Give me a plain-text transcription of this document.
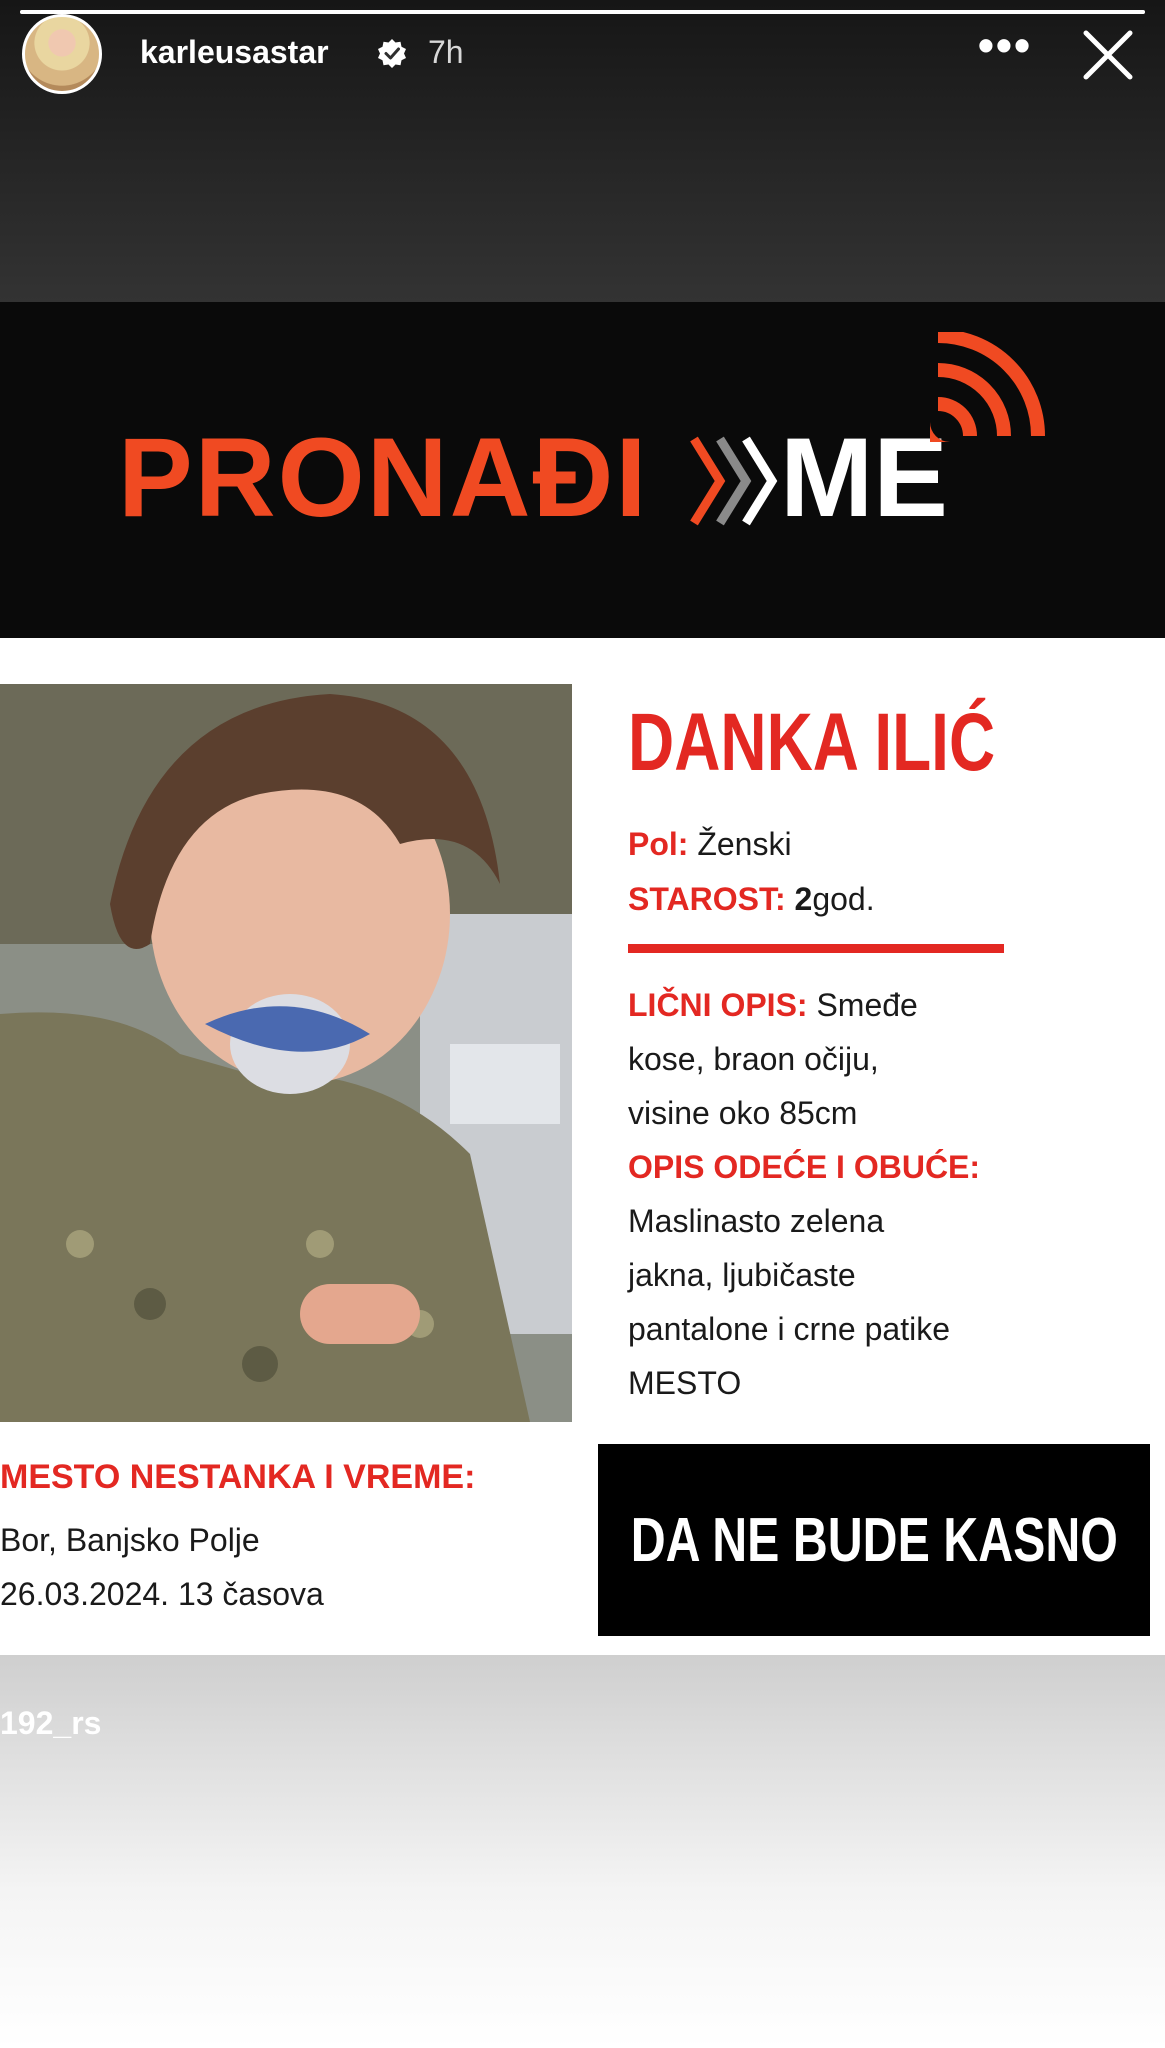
karleusastar	7h	•••
PRONAĐI ME
DANKA ILIĆ
Pol: Ženski
STAROST: 2god.
LIČNI OPIS: Smeđe
kose, braon očiju,
visine oko 85cm
OPIS ODEĆE I OBUĆE:
Maslinasto zelena
jakna, ljubičaste
pantalone i crne patike
MESTO
MESTO NESTANKA I VREME:
Bor, Banjsko Polje
26.03.2024. 13 časova
DA NE BUDE KASNO
192_rs
